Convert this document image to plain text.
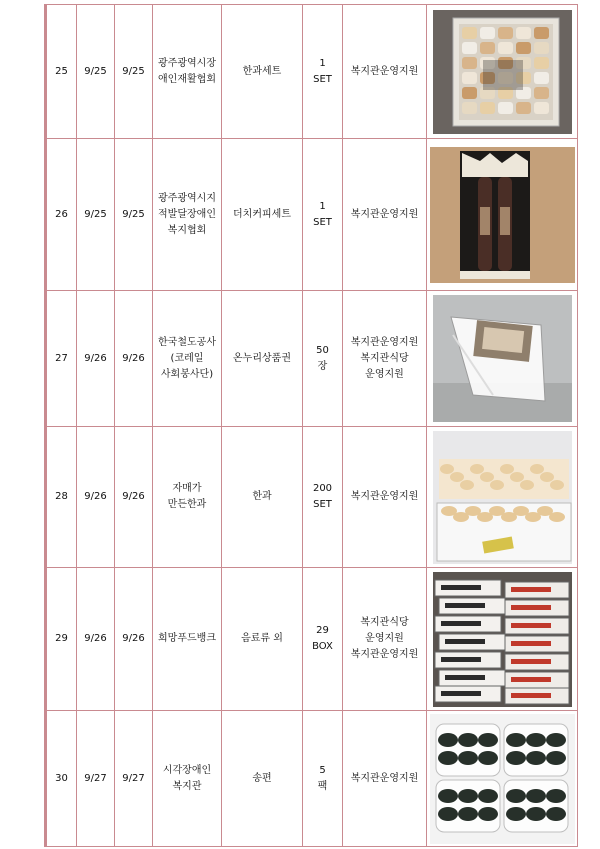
25	9/25	9/25	광주광역시장
애인재활협회	한과세트	1
SET	복지관운영지원

26	9/25	9/25	광주광역시지
적발달장애인
복지협회	더치커피세트	1
SET	복지관운영지원

27	9/26	9/26	한국철도공사
(코레일
사회봉사단)	온누리상품권	50
장	복지관운영지원
복지관식당
운영지원

28	9/26	9/26	자매가
만든한과	한과	200
SET	복지관운영지원

29	9/26	9/26	희망푸드뱅크	음료류 외	29
BOX	복지관식당
운영지원
복지관운영지원

30	9/27	9/27	시각장애인
복지관	송편	5
팩	복지관운영지원
